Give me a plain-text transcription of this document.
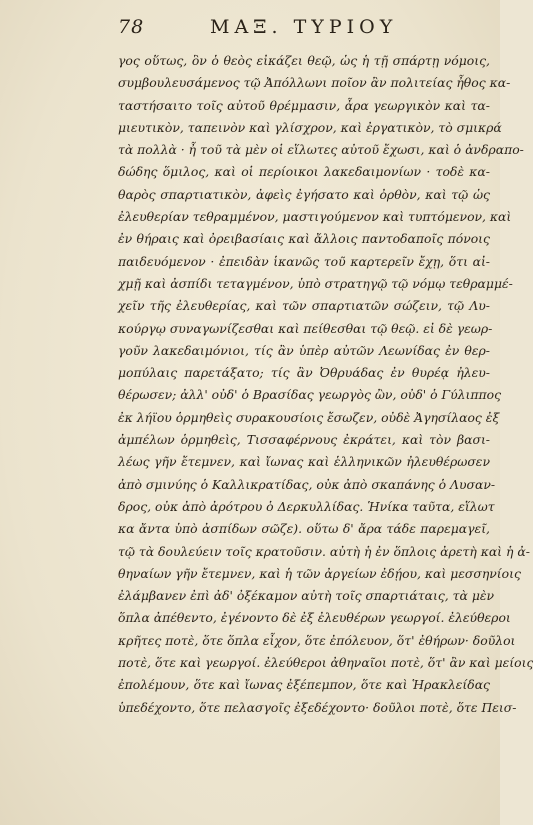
78	ΜΑΞ. ΤΥΡΙΟΥ
γος οὕτως, ὃν ὁ θεὸς εἰκάζει θεῷ, ὡς ἡ τῇ σπάρτῃ νόμοις,
συμβουλευσάμενος τῷ Ἀπόλλωνι ποῖον ἂν πολιτείας ἦθος κα-
ταστήσαιτο τοῖς αὐτοῦ θρέμμασιν, ἆρα γεωργικὸν καὶ τα-
μιευτικὸν, ταπεινὸν καὶ γλίσχρον, καὶ ἐργατικὸν, τὸ σμικρά
τὰ πολλὰ · ἦ τοῦ τὰ μὲν οἱ εἵλωτες αὐτοῦ ἔχωσι, καὶ ὁ ἀνδραπο-
δώδης ὅμιλος, καὶ οἱ περίοικοι λακεδαιμονίων · τοδὲ κα-
θαρὸς σπαρτιατικὸν, ἀφεὶς ἐγήσατο καὶ ὀρθὸν, καὶ τῷ ὡς
ἐλευθερίαν τεθραμμένον, μαστιγούμενον καὶ τυπτόμενον, καὶ
ἐν θήραις καὶ ὀρειβασίαις καὶ ἄλλοις παντοδαποῖς πόνοις
παιδευόμενον · ἐπειδὰν ἱκανῶς τοῦ καρτερεῖν ἔχῃ, ὅτι αἰ-
χμῇ καὶ ἀσπίδι τεταγμένον, ὑπὸ στρατηγῷ τῷ νόμῳ τεθραμμέ-
χεῖν τῆς ἐλευθερίας, καὶ τῶν σπαρτιατῶν σώζειν, τῷ Λυ-
κούργῳ συναγωνίζεσθαι καὶ πείθεσθαι τῷ θεῷ. εἰ δὲ γεωρ-
γοῦν λακεδαιμόνιοι, τίς ἂν ὑπὲρ αὐτῶν Λεωνίδας ἐν θερ-
μοπύλαις παρετάξατο; τίς ἂν Ὀθρυάδας ἐν θυρέᾳ ἠλευ-
θέρωσεν; ἀλλ' οὐδ' ὁ Βρασίδας γεωργὸς ὢν, οὐδ' ὁ Γύλιππος
ἐκ λήϊου ὁρμηθεὶς συρακουσίοις ἔσωζεν, οὐδὲ Ἀγησίλαος ἐξ
ἀμπέλων ὁρμηθεὶς, Τισσαφέρνους ἐκράτει, καὶ τὸν βασι-
λέως γῆν ἔτεμνεν, καὶ ἴωνας καὶ ἑλληνικῶν ἠλευθέρωσεν
ἀπὸ σμινύης ὁ Καλλικρατίδας, οὐκ ἀπὸ σκαπάνης ὁ Λυσαν-
δρος, οὐκ ἀπὸ ἀρότρου ὁ Δερκυλλίδας. Ἡνίκα ταῦτα, εἵλωτ
κα ἄντα ὑπὸ ἀσπίδων σῶζε). οὕτω δ' ἄρα τάδε παρεμαγεῖ,
τῷ τὰ δουλεύειν τοῖς κρατοῦσιν. αὐτὴ ἡ ἐν ὅπλοις ἀρετὴ καὶ ἡ ἀ-
θηναίων γῆν ἔτεμνεν, καὶ ἡ τῶν ἀργείων ἐδῄου, καὶ μεσσηνίοις
ἐλάμβανεν ἐπὶ ἀδ' ὀξέκαμον αὐτὴ τοῖς σπαρτιάταις, τὰ μὲν
ὅπλα ἀπέθεντο, ἐγένοντο δὲ ἐξ ἐλευθέρων γεωργοί. ἐλεύθεροι
κρῆτες ποτὲ, ὅτε ὅπλα εἶχον, ὅτε ἐπόλευον, ὅτ' ἐθήρων· δοῦλοι
ποτὲ, ὅτε καὶ γεωργοί. ἐλεύθεροι ἀθηναῖοι ποτὲ, ὅτ' ἂν καὶ μείοις
ἐπολέμουν, ὅτε καὶ ἴωνας ἐξέπεμπον, ὅτε καὶ Ἡρακλείδας
ὑπεδέχοντο, ὅτε πελασγοῖς ἐξεδέχοντο· δοῦλοι ποτὲ, ὅτε Πεισ-
